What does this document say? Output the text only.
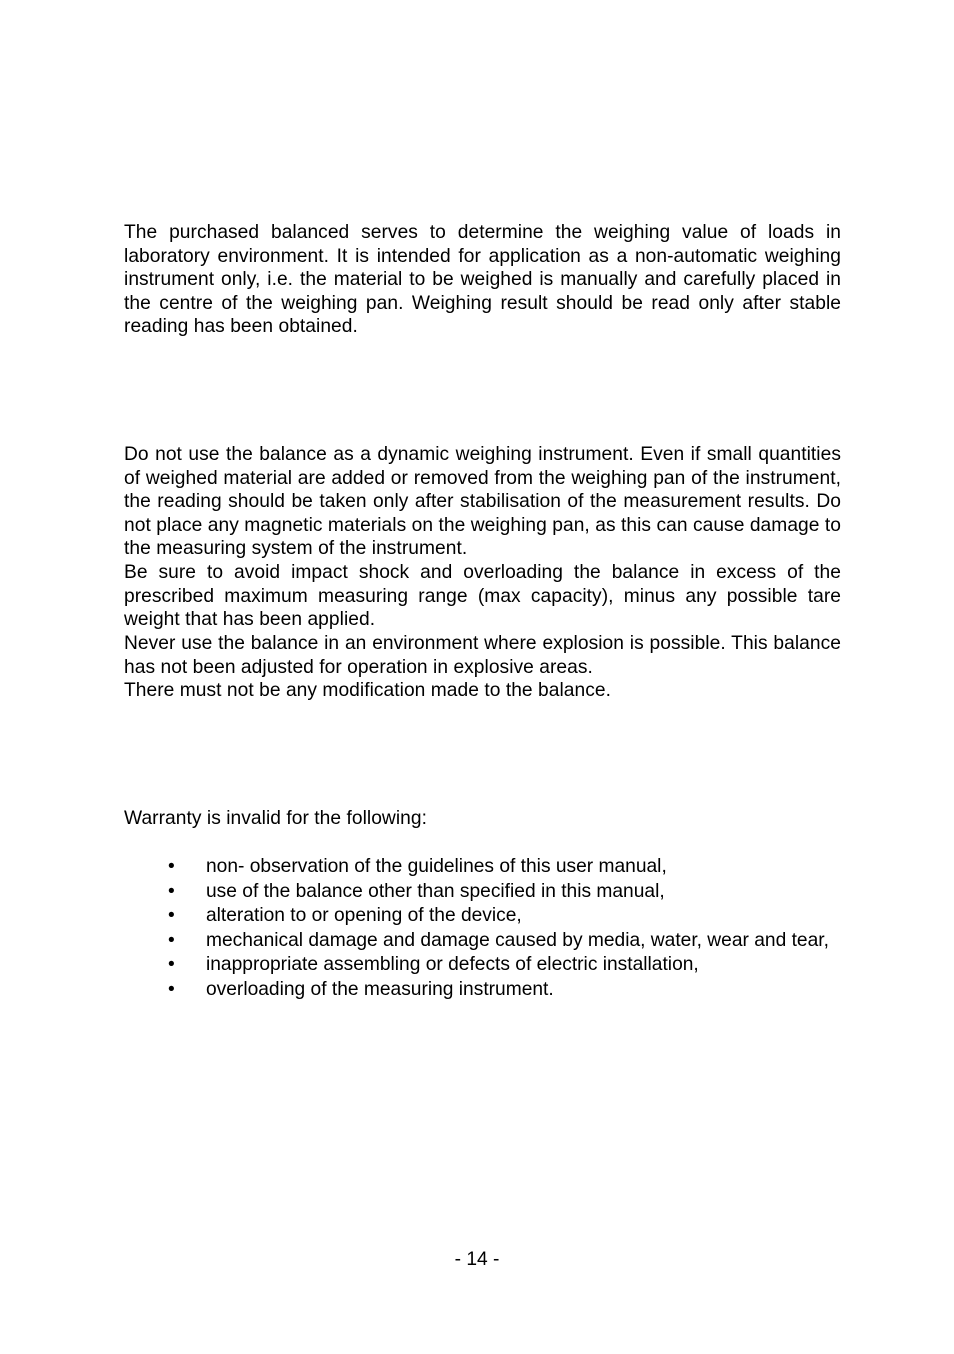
The purchased balanced serves to determine the weighing value of loads in laboratory environment. It is intended for application as a non-automatic weighing instrument only, i.e. the material to be weighed is manually and carefully placed in the centre of the weighing pan. Weighing result should be read only after stable reading has been obtained.

Do not use the balance as a dynamic weighing instrument. Even if small quantities of weighed material are added or removed from the weighing pan of the instrument, the reading should be taken only after stabilisation of the measurement results. Do not place any magnetic materials on the weighing pan, as this can cause damage to the measuring system of the instrument.

Be sure to avoid impact shock and overloading the balance in excess of the prescribed maximum measuring range (max capacity), minus any possible tare weight that has been applied.

Never use the balance in an environment where explosion is possible. This balance has not been adjusted for operation in explosive areas.

There must not be any modification made to the balance.

Warranty is invalid for the following:

• non- observation of the guidelines of this user manual,
• use of the balance other than specified in this manual,
• alteration to or opening of the device,
• mechanical damage and damage caused by media, water, wear and tear,
• inappropriate assembling or defects of electric installation,
• overloading of the measuring instrument.
- 14 -
